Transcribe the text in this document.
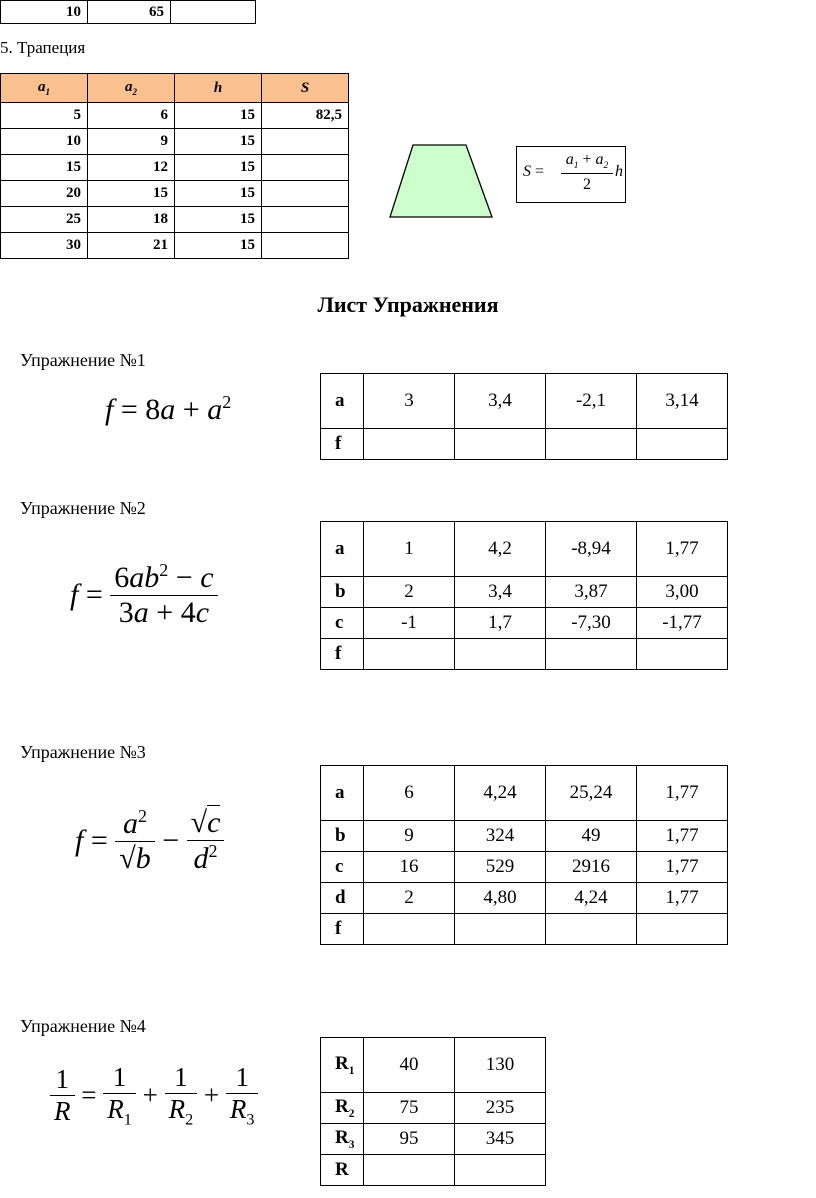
10	65	
5. Трапеция
$a_1$	$a_2$	h	S
5	6	15	82,5
10	9	15	
15	12	15	
20	15	15	
25	18	15	
30	21	15	
S =
$a_1 + a_2$
2
h
Лист Упражнения
Упражнение №1
$f = 8a + a^2$	a	3	3,4	-2,1	3,14
f				
Упражнение №2
$f = \frac{6ab^2 - c}{3a + 4c}$
a	1	4,2	-8,94	1,77
b	2	3,4	3,87	3,00
c	-1	1,7	-7,30	-1,77
f				
Упражнение №3
$f = \frac{a^2}{√b} - \frac{√c}{d^2}$
a	6	4,24	25,24	1,77
b	9	324	49	1,77
c	16	529	2916	1,77
d	2	4,80	4,24	1,77
f				
Упражнение №4
$\frac{1}{R} = \frac{1}{R_1} + \frac{1}{R_2} + \frac{1}{R_3}$	$R_1$	40	130
$R_2$	75	235
$R_3$	95	345
R		
